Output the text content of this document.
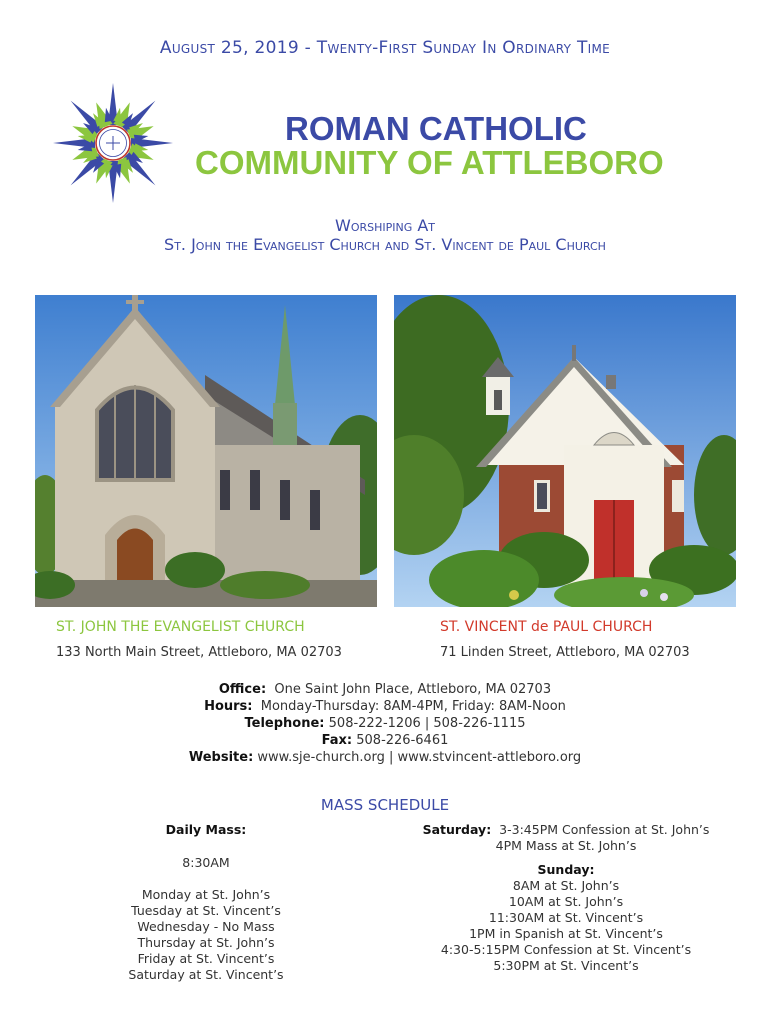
August 25, 2019 - Twenty-First Sunday In Ordinary Time
ROMAN CATHOLIC
COMMUNITY OF ATTLEBORO
Worshiping At
St. John the Evangelist Church and St. Vincent de Paul Church
ST. JOHN THE EVANGELIST CHURCH	ST. VINCENT de PAUL CHURCH
133 North Main Street, Attleboro, MA 02703	71 Linden Street, Attleboro, MA 02703
Office: One Saint John Place, Attleboro, MA 02703
Hours: Monday-Thursday: 8AM-4PM, Friday: 8AM-Noon
Telephone: 508-222-1206 | 508-226-1115
Fax: 508-226-6461
Website: www.sje-church.org | www.stvincent-attleboro.org
MASS SCHEDULE
Daily Mass:
8:30AM
Monday at St. John’s
Tuesday at St. Vincent’s
Wednesday - No Mass
Thursday at St. John’s
Friday at St. Vincent’s
Saturday at St. Vincent’s
Saturday: 3-3:45PM Confession at St. John’s
4PM Mass at St. John’s
Sunday:
8AM at St. John’s
10AM at St. John’s
11:30AM at St. Vincent’s
1PM in Spanish at St. Vincent’s
4:30-5:15PM Confession at St. Vincent’s
5:30PM at St. Vincent’s
